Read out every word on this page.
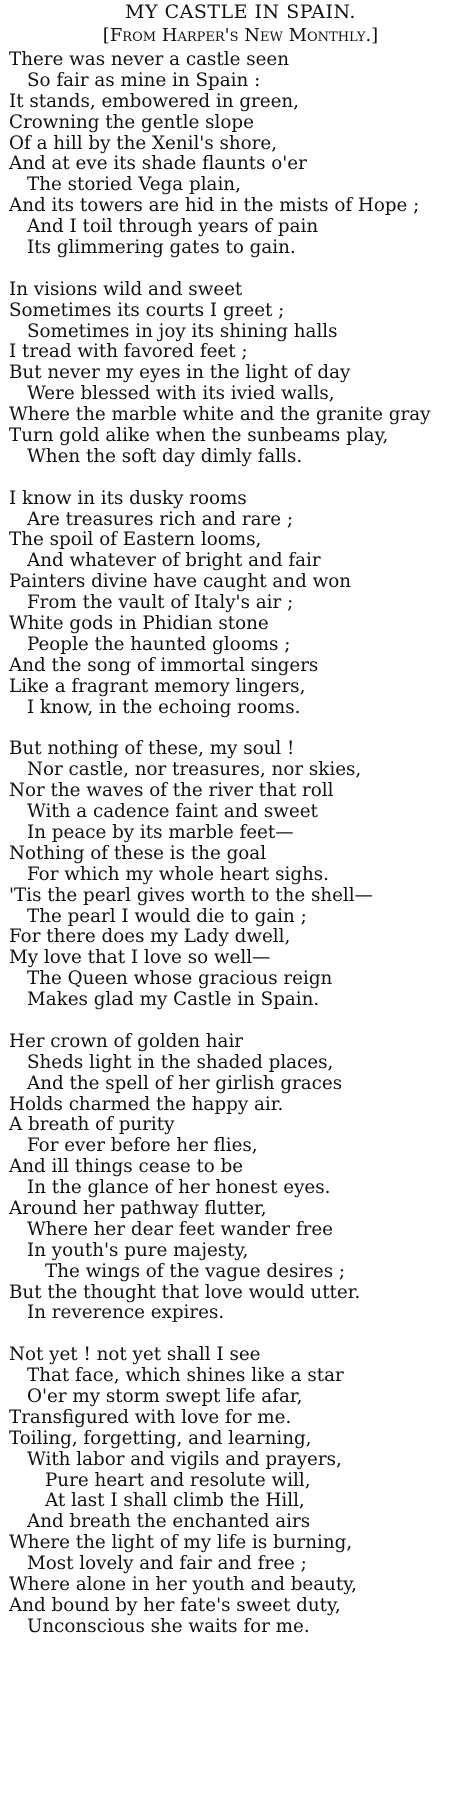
MY CASTLE IN SPAIN.
[From Harper's New Monthly.]
There was never a castle seen
So fair as mine in Spain :
It stands, embowered in green,
Crowning the gentle slope
Of a hill by the Xenil's shore,
And at eve its shade flaunts o'er
The storied Vega plain,
And its towers are hid in the mists of Hope ;
And I toil through years of pain
Its glimmering gates to gain.
In visions wild and sweet
Sometimes its courts I greet ;
Sometimes in joy its shining halls
I tread with favored feet ;
But never my eyes in the light of day
Were blessed with its ivied walls,
Where the marble white and the granite gray
Turn gold alike when the sunbeams play,
When the soft day dimly falls.
I know in its dusky rooms
Are treasures rich and rare ;
The spoil of Eastern looms,
And whatever of bright and fair
Painters divine have caught and won
From the vault of Italy's air ;
White gods in Phidian stone
People the haunted glooms ;
And the song of immortal singers
Like a fragrant memory lingers,
I know, in the echoing rooms.
But nothing of these, my soul !
Nor castle, nor treasures, nor skies,
Nor the waves of the river that roll
With a cadence faint and sweet
In peace by its marble feet—
Nothing of these is the goal
For which my whole heart sighs.
'Tis the pearl gives worth to the shell—
The pearl I would die to gain ;
For there does my Lady dwell,
My love that I love so well—
The Queen whose gracious reign
Makes glad my Castle in Spain.
Her crown of golden hair
Sheds light in the shaded places,
And the spell of her girlish graces
Holds charmed the happy air.
A breath of purity
For ever before her flies,
And ill things cease to be
In the glance of her honest eyes.
Around her pathway flutter,
Where her dear feet wander free
In youth's pure majesty,
The wings of the vague desires ;
But the thought that love would utter.
In reverence expires.
Not yet ! not yet shall I see
That face, which shines like a star
O'er my storm swept life afar,
Transfigured with love for me.
Toiling, forgetting, and learning,
With labor and vigils and prayers,
Pure heart and resolute will,
At last I shall climb the Hill,
And breath the enchanted airs
Where the light of my life is burning,
Most lovely and fair and free ;
Where alone in her youth and beauty,
And bound by her fate's sweet duty,
Unconscious she waits for me.
